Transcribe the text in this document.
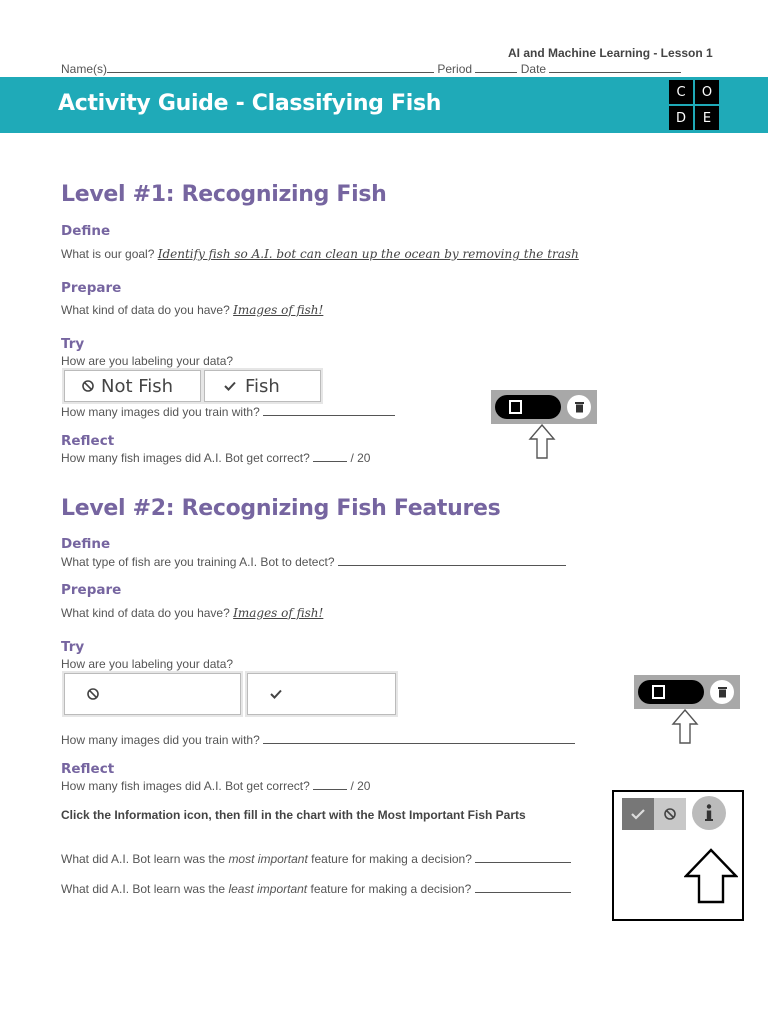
AI and Machine Learning - Lesson 1
Name(s)	Period	Date
Activity Guide - Classifying Fish	C	O
D	E
Level #1: Recognizing Fish
Define
What is our goal? Identify fish so A.I. bot can clean up the ocean by removing the trash
Prepare
What kind of data do you have? Images of fish!
Try
How are you labeling your data?
Not Fish	Fish
How many images did you train with?
Reflect
How many fish images did A.I. Bot get correct?	/ 20
Level #2: Recognizing Fish Features
Define
What type of fish are you training A.I. Bot to detect?
Prepare
What kind of data do you have? Images of fish!
Try
How are you labeling your data?
How many images did you train with?
Reflect
How many fish images did A.I. Bot get correct?	/ 20
Click the Information icon, then fill in the chart with the Most Important Fish Parts
What did A.I. Bot learn was the most important feature for making a decision?
What did A.I. Bot learn was the least important feature for making a decision?
